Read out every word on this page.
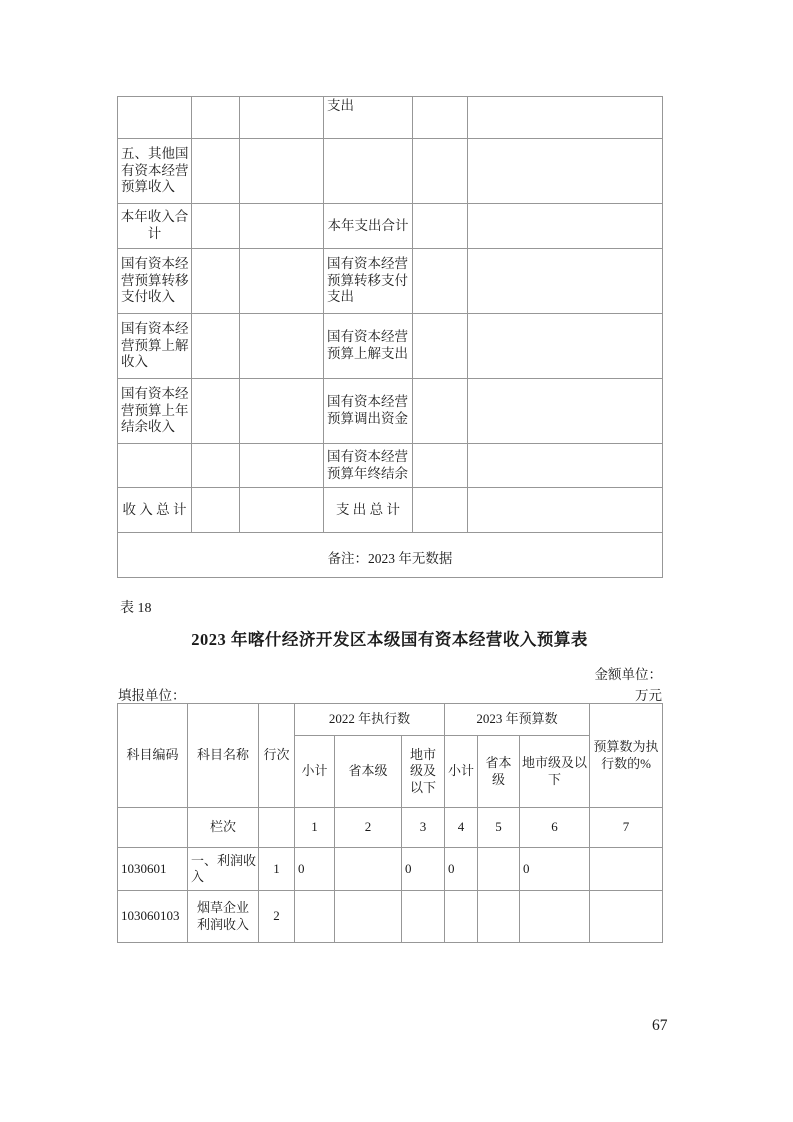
			支出		
五、其他国有资本经营预算收入					
本年收入合计			本年支出合计		
国有资本经营预算转移支付收入			国有资本经营预算转移支付支出		
国有资本经营预算上解收入			国有资本经营预算上解支出		
国有资本经营预算上年结余收入			国有资本经营预算调出资金		
			国有资本经营预算年终结余		
收 入 总 计			支 出 总 计		
备注：2023 年无数据					
表 18
2023 年喀什经济开发区本级国有资本经营收入预算表
金额单位：
填报单位：	万元
科目编码	科目名称	行次	2022 年执行数			2023 年预算数			预算数为执行数的%
			小计	省本级	地市级及以下	小计	省本级	地市级及以下	
	栏次		1	2	3	4	5	6	7
1030601	一、利润收入	1	0		0	0		0	
103060103	烟草企业利润收入	2							
67
